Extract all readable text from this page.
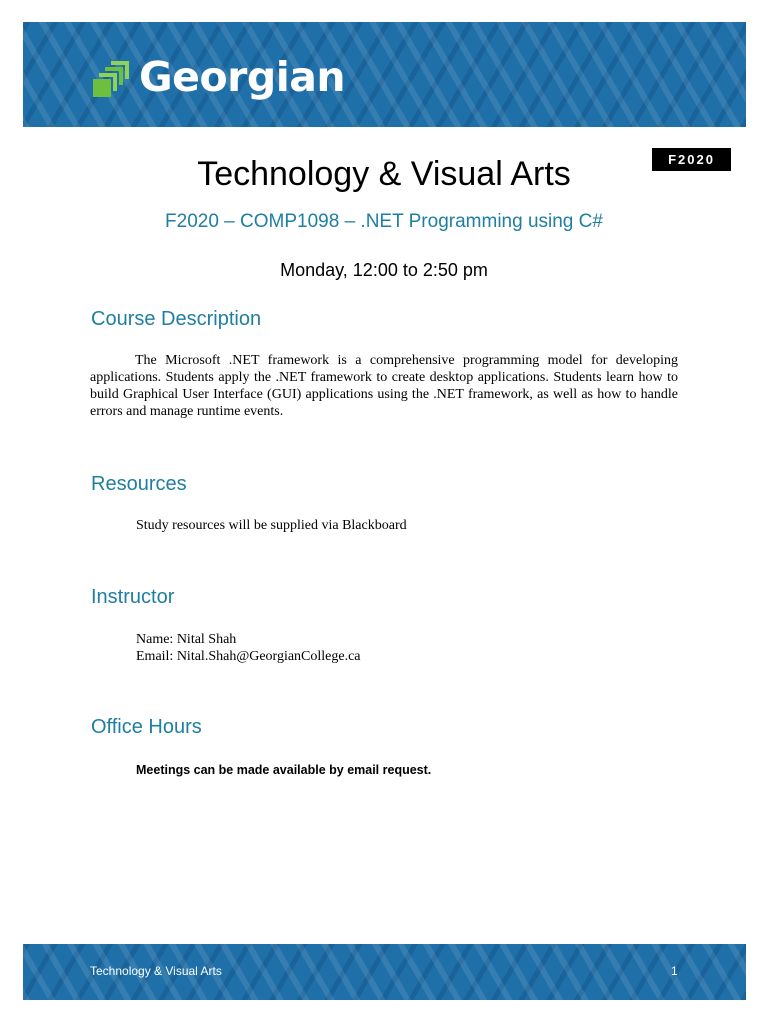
Georgian
F2020
Technology & Visual Arts
F2020 – COMP1098 – .NET Programming using C#
Monday, 12:00 to 2:50 pm
Course Description
The Microsoft .NET framework is a comprehensive programming model for developing applications. Students apply the .NET framework to create desktop applications. Students learn how to build Graphical User Interface (GUI) applications using the .NET framework, as well as how to handle errors and manage runtime events.
Resources
Study resources will be supplied via Blackboard
Instructor
Name: Nital Shah
Email: Nital.Shah@GeorgianCollege.ca
Office Hours
Meetings can be made available by email request.
Technology & Visual Arts	1
